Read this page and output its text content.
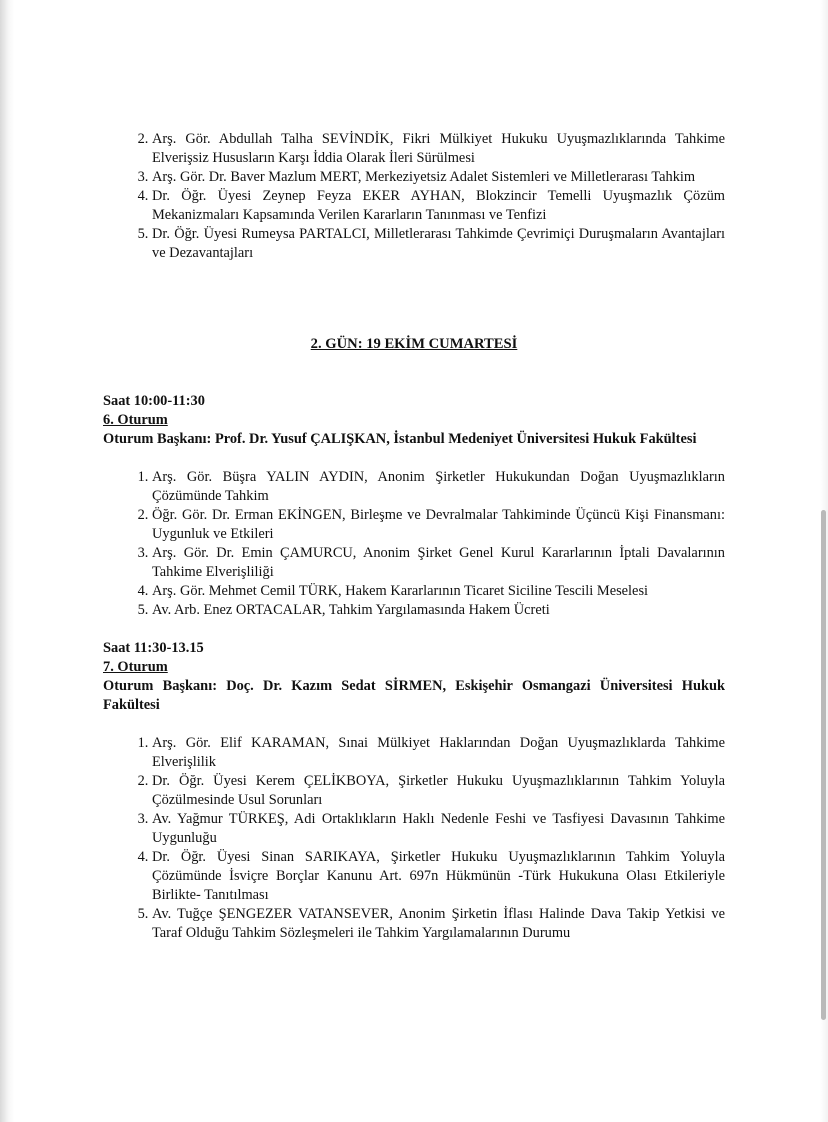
2. Arş. Gör. Abdullah Talha SEVİNDİK, Fikri Mülkiyet Hukuku Uyuşmazlıklarında Tahkime Elverişsiz Hususların Karşı İddia Olarak İleri Sürülmesi
3. Arş. Gör. Dr. Baver Mazlum MERT, Merkeziyetsiz Adalet Sistemleri ve Milletlerarası Tahkim
4. Dr. Öğr. Üyesi Zeynep Feyza EKER AYHAN, Blokzincir Temelli Uyuşmazlık Çözüm Mekanizmaları Kapsamında Verilen Kararların Tanınması ve Tenfizi
5. Dr. Öğr. Üyesi Rumeysa PARTALCI, Milletlerarası Tahkimde Çevrimiçi Duruşmaların Avantajları ve Dezavantajları

2. GÜN: 19 EKİM CUMARTESİ

Saat 10:00-11:30

6. Oturum

Oturum Başkanı: Prof. Dr. Yusuf ÇALIŞKAN, İstanbul Medeniyet Üniversitesi Hukuk Fakültesi

1. Arş. Gör. Büşra YALIN AYDIN, Anonim Şirketler Hukukundan Doğan Uyuşmazlıkların Çözümünde Tahkim
2. Öğr. Gör. Dr. Erman EKİNGEN, Birleşme ve Devralmalar Tahkiminde Üçüncü Kişi Finansmanı: Uygunluk ve Etkileri
3. Arş. Gör. Dr. Emin ÇAMURCU, Anonim Şirket Genel Kurul Kararlarının İptali Davalarının Tahkime Elverişliliği
4. Arş. Gör. Mehmet Cemil TÜRK, Hakem Kararlarının Ticaret Siciline Tescili Meselesi
5. Av. Arb. Enez ORTACALAR, Tahkim Yargılamasında Hakem Ücreti

Saat 11:30-13.15

7. Oturum

Oturum Başkanı: Doç. Dr. Kazım Sedat SİRMEN, Eskişehir Osmangazi Üniversitesi Hukuk Fakültesi

1. Arş. Gör. Elif KARAMAN, Sınai Mülkiyet Haklarından Doğan Uyuşmazlıklarda Tahkime Elverişlilik
2. Dr. Öğr. Üyesi Kerem ÇELİKBOYA, Şirketler Hukuku Uyuşmazlıklarının Tahkim Yoluyla Çözülmesinde Usul Sorunları
3. Av. Yağmur TÜRKEŞ, Adi Ortaklıkların Haklı Nedenle Feshi ve Tasfiyesi Davasının Tahkime Uygunluğu
4. Dr. Öğr. Üyesi Sinan SARIKAYA, Şirketler Hukuku Uyuşmazlıklarının Tahkim Yoluyla Çözümünde İsviçre Borçlar Kanunu Art. 697n Hükmünün -Türk Hukukuna Olası Etkileriyle Birlikte- Tanıtılması
5. Av. Tuğçe ŞENGEZER VATANSEVER, Anonim Şirketin İflası Halinde Dava Takip Yetkisi ve Taraf Olduğu Tahkim Sözleşmeleri ile Tahkim Yargılamalarının Durumu
